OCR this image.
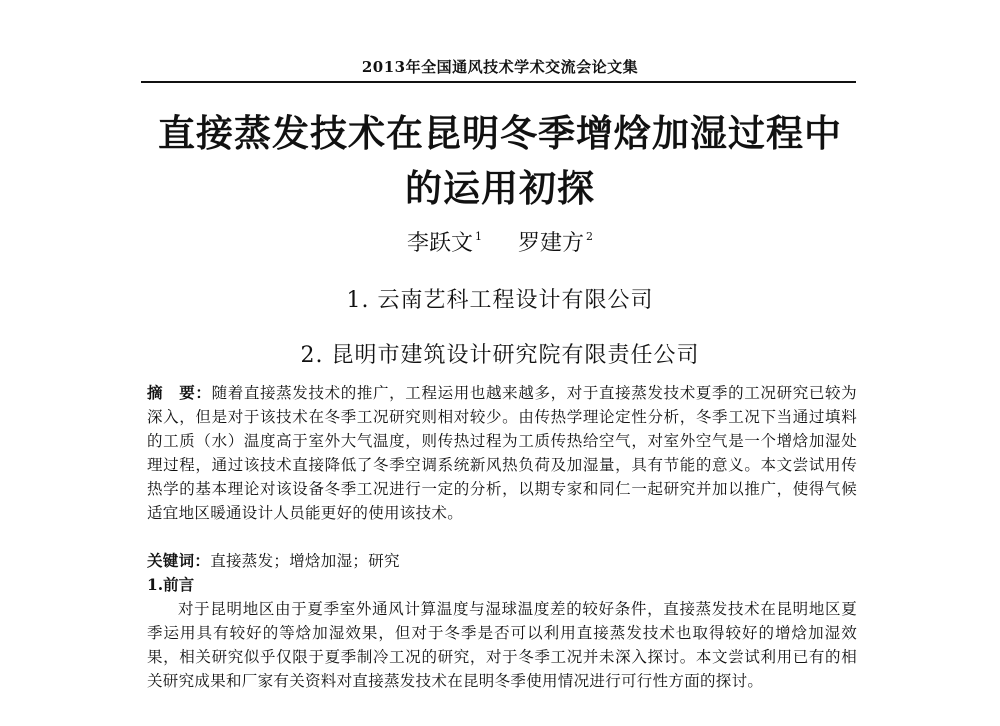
2013年全国通风技术学术交流会论文集
直接蒸发技术在昆明冬季增焓加湿过程中
的运用初探
李跃文 $^1$ 罗建方 $^2$
1. 云南艺科工程设计有限公司
2. 昆明市建筑设计研究院有限责任公司
摘　要：随着直接蒸发技术的推广，工程运用也越来越多，对于直接蒸发技术夏季的工况研究已较为深入，但是对于该技术在冬季工况研究则相对较少。由传热学理论定性分析，冬季工况下当通过填料的工质（水）温度高于室外大气温度，则传热过程为工质传热给空气，对室外空气是一个增焓加湿处理过程，通过该技术直接降低了冬季空调系统新风热负荷及加湿量，具有节能的意义。本文尝试用传热学的基本理论对该设备冬季工况进行一定的分析，以期专家和同仁一起研究并加以推广，使得气候适宜地区暖通设计人员能更好的使用该技术。
关键词：直接蒸发；增焓加湿；研究
1.前言
对于昆明地区由于夏季室外通风计算温度与湿球温度差的较好条件，直接蒸发技术在昆明地区夏季运用具有较好的等焓加湿效果，但对于冬季是否可以利用直接蒸发技术也取得较好的增焓加湿效果，相关研究似乎仅限于夏季制冷工况的研究，对于冬季工况并未深入探讨。本文尝试利用已有的相关研究成果和厂家有关资料对直接蒸发技术在昆明冬季使用情况进行可行性方面的探讨。
